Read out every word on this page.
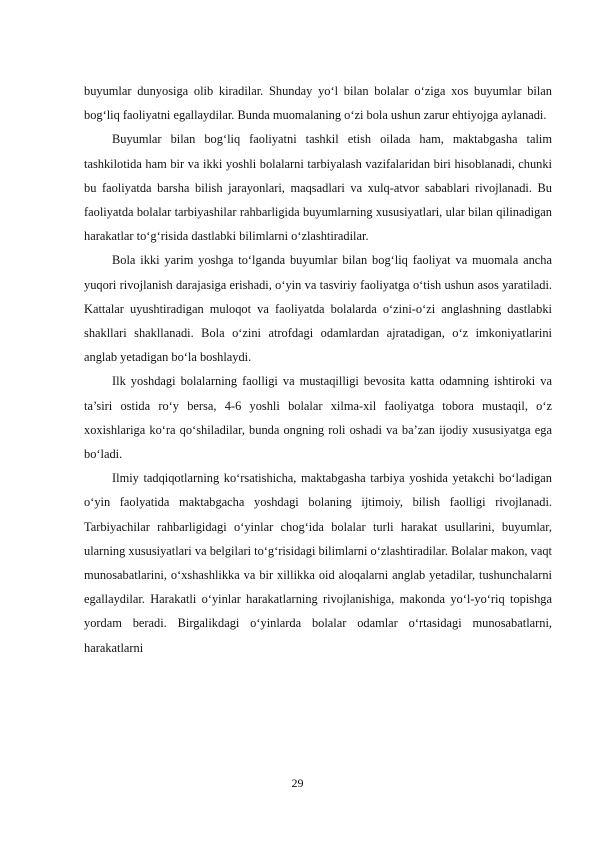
buyumlar dunyosiga olib kiradilar. Shunday yo‘l bilan bolalar o‘ziga xos buyumlar bilan bog‘liq faoliyatni egallaydilar. Bunda muomalaning o‘zi bola ushun zarur ehtiyojga aylanadi.

Buyumlar bilan bog‘liq faoliyatni tashkil etish oilada ham, maktabgasha talim tashkilotida ham bir va ikki yoshli bolalarni tarbiyalash vazifalaridan biri hisoblanadi, chunki bu faoliyatda barsha bilish jarayonlari, maqsadlari va xulq-atvor sabablari rivojlanadi. Bu faoliyatda bolalar tarbiyashilar rahbarligida buyumlarning xususiyatlari, ular bilan qilinadigan harakatlar to‘g‘risida dastlabki bilimlarni o‘zlashtiradilar.

Bola ikki yarim yoshga to‘lganda buyumlar bilan bog‘liq faoliyat va muomala ancha yuqori rivojlanish darajasiga erishadi, o‘yin va tasviriy faoliyatga o‘tish ushun asos yaratiladi. Kattalar uyushtiradigan muloqot va faoliyatda bolalarda o‘zini-o‘zi anglashning dastlabki shakllari shakllanadi. Bola o‘zini atrofdagi odamlardan ajratadigan, o‘z imkoniyatlarini anglab yetadigan bo‘la boshlaydi.

Ilk yoshdagi bolalarning faolligi va mustaqilligi bevosita katta odamning ishtiroki va ta’siri ostida ro‘y bersa, 4-6 yoshli bolalar xilma-xil faoliyatga tobora mustaqil, o‘z xoxishlariga ko‘ra qo‘shiladilar, bunda ongning roli oshadi va ba’zan ijodiy xususiyatga ega bo‘ladi.

Ilmiy tadqiqotlarning ko‘rsatishicha, maktabgasha tarbiya yoshida yetakchi bo‘ladigan o‘yin faolyatida maktabgacha yoshdagi bolaning ijtimoiy, bilish faolligi rivojlanadi. Tarbiyachilar rahbarligidagi o‘yinlar chog‘ida bolalar turli harakat usullarini, buyumlar, ularning xususiyatlari va belgilari to‘g‘risidagi bilimlarni o‘zlashtiradilar. Bolalar makon, vaqt munosabatlarini, o‘xshashlikka va bir xillikka oid aloqalarni anglab yetadilar, tushunchalarni egallaydilar. Harakatli o‘yinlar harakatlarning rivojlanishiga, makonda yo‘l-yo‘riq topishga yordam beradi. Birgalikdagi o‘yinlarda bolalar odamlar o‘rtasidagi munosabatlarni, harakatlarni

29
